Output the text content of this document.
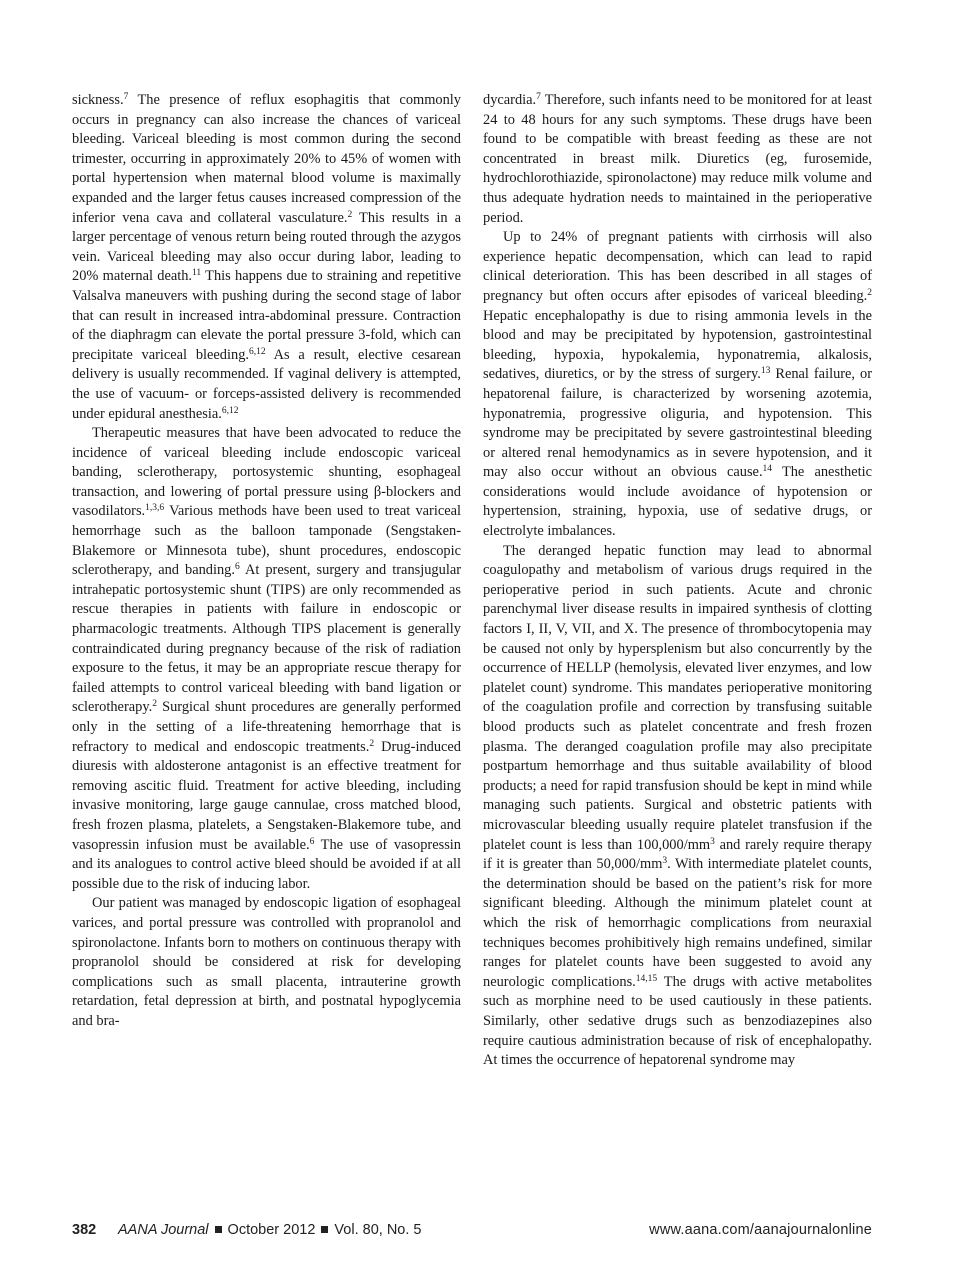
sickness.$^7$ The presence of reflux esophagitis that commonly occurs in pregnancy can also increase the chances of variceal bleeding. Variceal bleeding is most common during the second trimester, occurring in approximately 20% to 45% of women with portal hypertension when maternal blood volume is maximally expanded and the larger fetus causes increased compression of the inferior vena cava and collateral vasculature.$^2$ This results in a larger percentage of venous return being routed through the azygos vein. Variceal bleeding may also occur during labor, leading to 20% maternal death.$^{11}$ This happens due to straining and repetitive Valsalva maneuvers with pushing during the second stage of labor that can result in increased intra-abdominal pressure. Contraction of the diaphragm can elevate the portal pressure 3-fold, which can precipitate variceal bleeding.$^{6,12}$ As a result, elective cesarean delivery is usually recommended. If vaginal delivery is attempted, the use of vacuum- or forceps-assisted delivery is recommended under epidural anesthesia.$^{6,12}$

Therapeutic measures that have been advocated to reduce the incidence of variceal bleeding include endoscopic variceal banding, sclerotherapy, portosystemic shunting, esophageal transaction, and lowering of portal pressure using β-blockers and vasodilators.$^{1,3,6}$ Various methods have been used to treat variceal hemorrhage such as the balloon tamponade (Sengstaken-Blakemore or Minnesota tube), shunt procedures, endoscopic sclerotherapy, and banding.$^6$ At present, surgery and transjugular intrahepatic portosystemic shunt (TIPS) are only recommended as rescue therapies in patients with failure in endoscopic or pharmacologic treatments. Although TIPS placement is generally contraindicated during pregnancy because of the risk of radiation exposure to the fetus, it may be an appropriate rescue therapy for failed attempts to control variceal bleeding with band ligation or sclerotherapy.$^2$ Surgical shunt procedures are generally performed only in the setting of a life-threatening hemorrhage that is refractory to medical and endoscopic treatments.$^2$ Drug-induced diuresis with aldosterone antagonist is an effective treatment for removing ascitic fluid. Treatment for active bleeding, including invasive monitoring, large gauge cannulae, cross matched blood, fresh frozen plasma, platelets, a Sengstaken-Blakemore tube, and vasopressin infusion must be available.$^6$ The use of vasopressin and its analogues to control active bleed should be avoided if at all possible due to the risk of inducing labor.

Our patient was managed by endoscopic ligation of esophageal varices, and portal pressure was controlled with propranolol and spironolactone. Infants born to mothers on continuous therapy with propranolol should be considered at risk for developing complications such as small placenta, intrauterine growth retardation, fetal depression at birth, and postnatal hypoglycemia and bra-

dycardia.$^7$ Therefore, such infants need to be monitored for at least 24 to 48 hours for any such symptoms. These drugs have been found to be compatible with breast feeding as these are not concentrated in breast milk. Diuretics (eg, furosemide, hydrochlorothiazide, spironolactone) may reduce milk volume and thus adequate hydration needs to maintained in the perioperative period.

Up to 24% of pregnant patients with cirrhosis will also experience hepatic decompensation, which can lead to rapid clinical deterioration. This has been described in all stages of pregnancy but often occurs after episodes of variceal bleeding.$^2$ Hepatic encephalopathy is due to rising ammonia levels in the blood and may be precipitated by hypotension, gastrointestinal bleeding, hypoxia, hypokalemia, hyponatremia, alkalosis, sedatives, diuretics, or by the stress of surgery.$^{13}$ Renal failure, or hepatorenal failure, is characterized by worsening azotemia, hyponatremia, progressive oliguria, and hypotension. This syndrome may be precipitated by severe gastrointestinal bleeding or altered renal hemodynamics as in severe hypotension, and it may also occur without an obvious cause.$^{14}$ The anesthetic considerations would include avoidance of hypotension or hypertension, straining, hypoxia, use of sedative drugs, or electrolyte imbalances.

The deranged hepatic function may lead to abnormal coagulopathy and metabolism of various drugs required in the perioperative period in such patients. Acute and chronic parenchymal liver disease results in impaired synthesis of clotting factors I, II, V, VII, and X. The presence of thrombocytopenia may be caused not only by hypersplenism but also concurrently by the occurrence of HELLP (hemolysis, elevated liver enzymes, and low platelet count) syndrome. This mandates perioperative monitoring of the coagulation profile and correction by transfusing suitable blood products such as platelet concentrate and fresh frozen plasma. The deranged coagulation profile may also precipitate postpartum hemorrhage and thus suitable availability of blood products; a need for rapid transfusion should be kept in mind while managing such patients. Surgical and obstetric patients with microvascular bleeding usually require platelet transfusion if the platelet count is less than $100,000/mm^3$ and rarely require therapy if it is greater than $50,000/mm^3$. With intermediate platelet counts, the determination should be based on the patient’s risk for more significant bleeding. Although the minimum platelet count at which the risk of hemorrhagic complications from neuraxial techniques becomes prohibitively high remains undefined, similar ranges for platelet counts have been suggested to avoid any neurologic complications.$^{14,15}$ The drugs with active metabolites such as morphine need to be used cautiously in these patients. Similarly, other sedative drugs such as benzodiazepines also require cautious administration because of risk of encephalopathy. At times the occurrence of hepatorenal syndrome may

382 AANA Journal October 2012 Vol. 80, No. 5	www.aana.com/aanajournalonline
